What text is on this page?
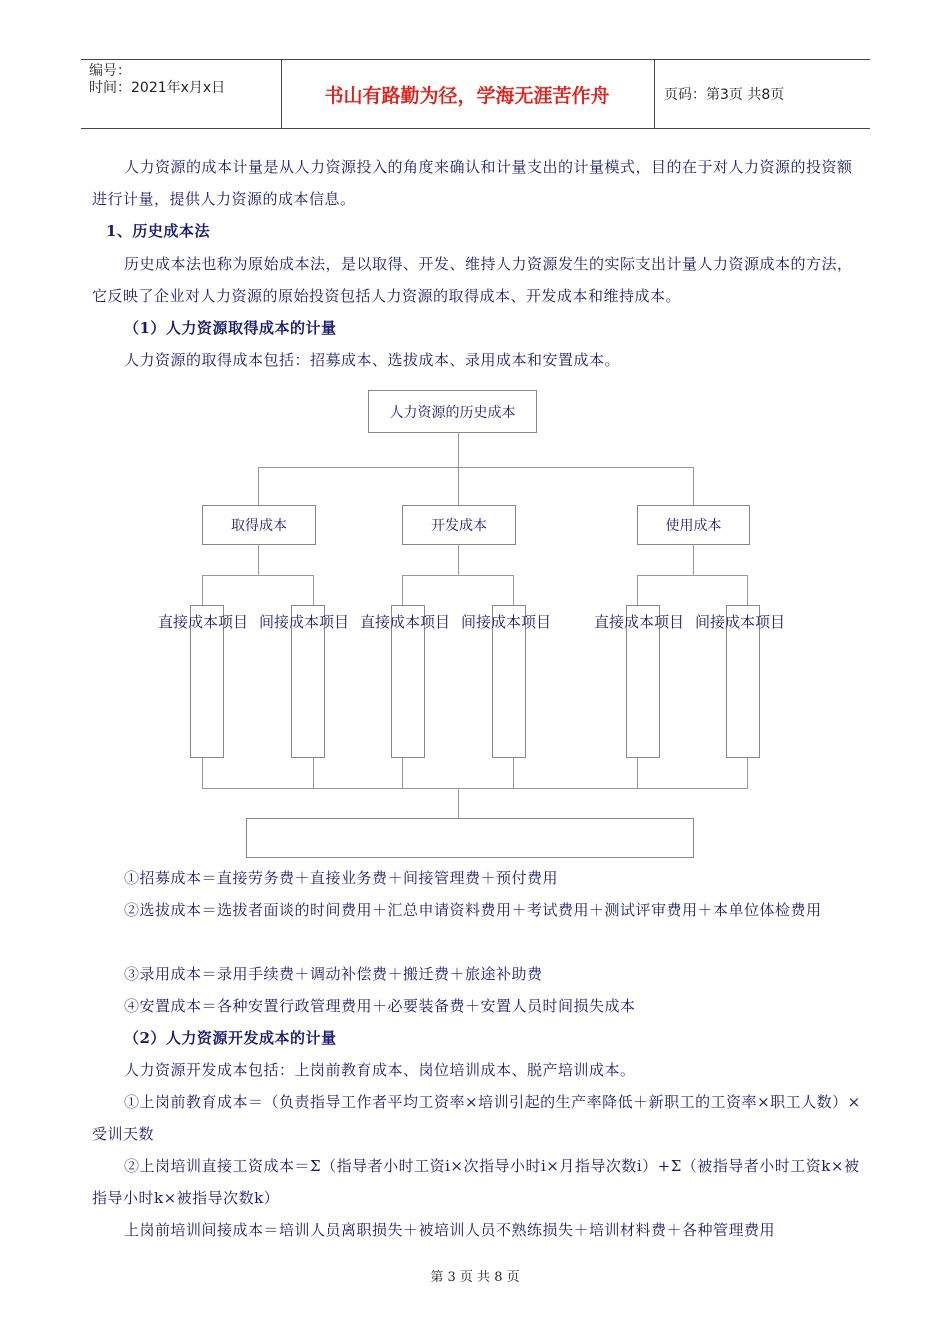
编号：
时间：2021年x月x日	书山有路勤为径，学海无涯苦作舟	页码：第3页 共8页
人力资源的成本计量是从人力资源投入的角度来确认和计量支出的计量模式，目的在于对人力资源的投资额进行计量，提供人力资源的成本信息。
1、历史成本法
历史成本法也称为原始成本法，是以取得、开发、维持人力资源发生的实际支出计量人力资源成本的方法，它反映了企业对人力资源的原始投资包括人力资源的取得成本、开发成本和维持成本。
（1）人力资源取得成本的计量
人力资源的取得成本包括：招募成本、选拔成本、录用成本和安置成本。
人力资源的历史成本
取得成本	开发成本	使用成本
直接成本项目 间接成本项目 直接成本项目 间接成本项目	直接成本项目 间接成本项目
①招募成本＝直接劳务费＋直接业务费＋间接管理费＋预付费用
②选拔成本＝选拔者面谈的时间费用＋汇总申请资料费用＋考试费用＋测试评审费用＋本单位体检费用
③录用成本＝录用手续费＋调动补偿费＋搬迁费＋旅途补助费
④安置成本＝各种安置行政管理费用＋必要装备费＋安置人员时间损失成本
（2）人力资源开发成本的计量
人力资源开发成本包括：上岗前教育成本、岗位培训成本、脱产培训成本。
①上岗前教育成本＝（负责指导工作者平均工资率×培训引起的生产率降低＋新职工的工资率×职工人数）×受训天数
②上岗培训直接工资成本＝Σ（指导者小时工资i×次指导小时i×月指导次数i）+Σ（被指导者小时工资k×被指导小时k×被指导次数k）
上岗前培训间接成本＝培训人员离职损失＋被培训人员不熟练损失＋培训材料费＋各种管理费用
第 3 页 共 8 页
